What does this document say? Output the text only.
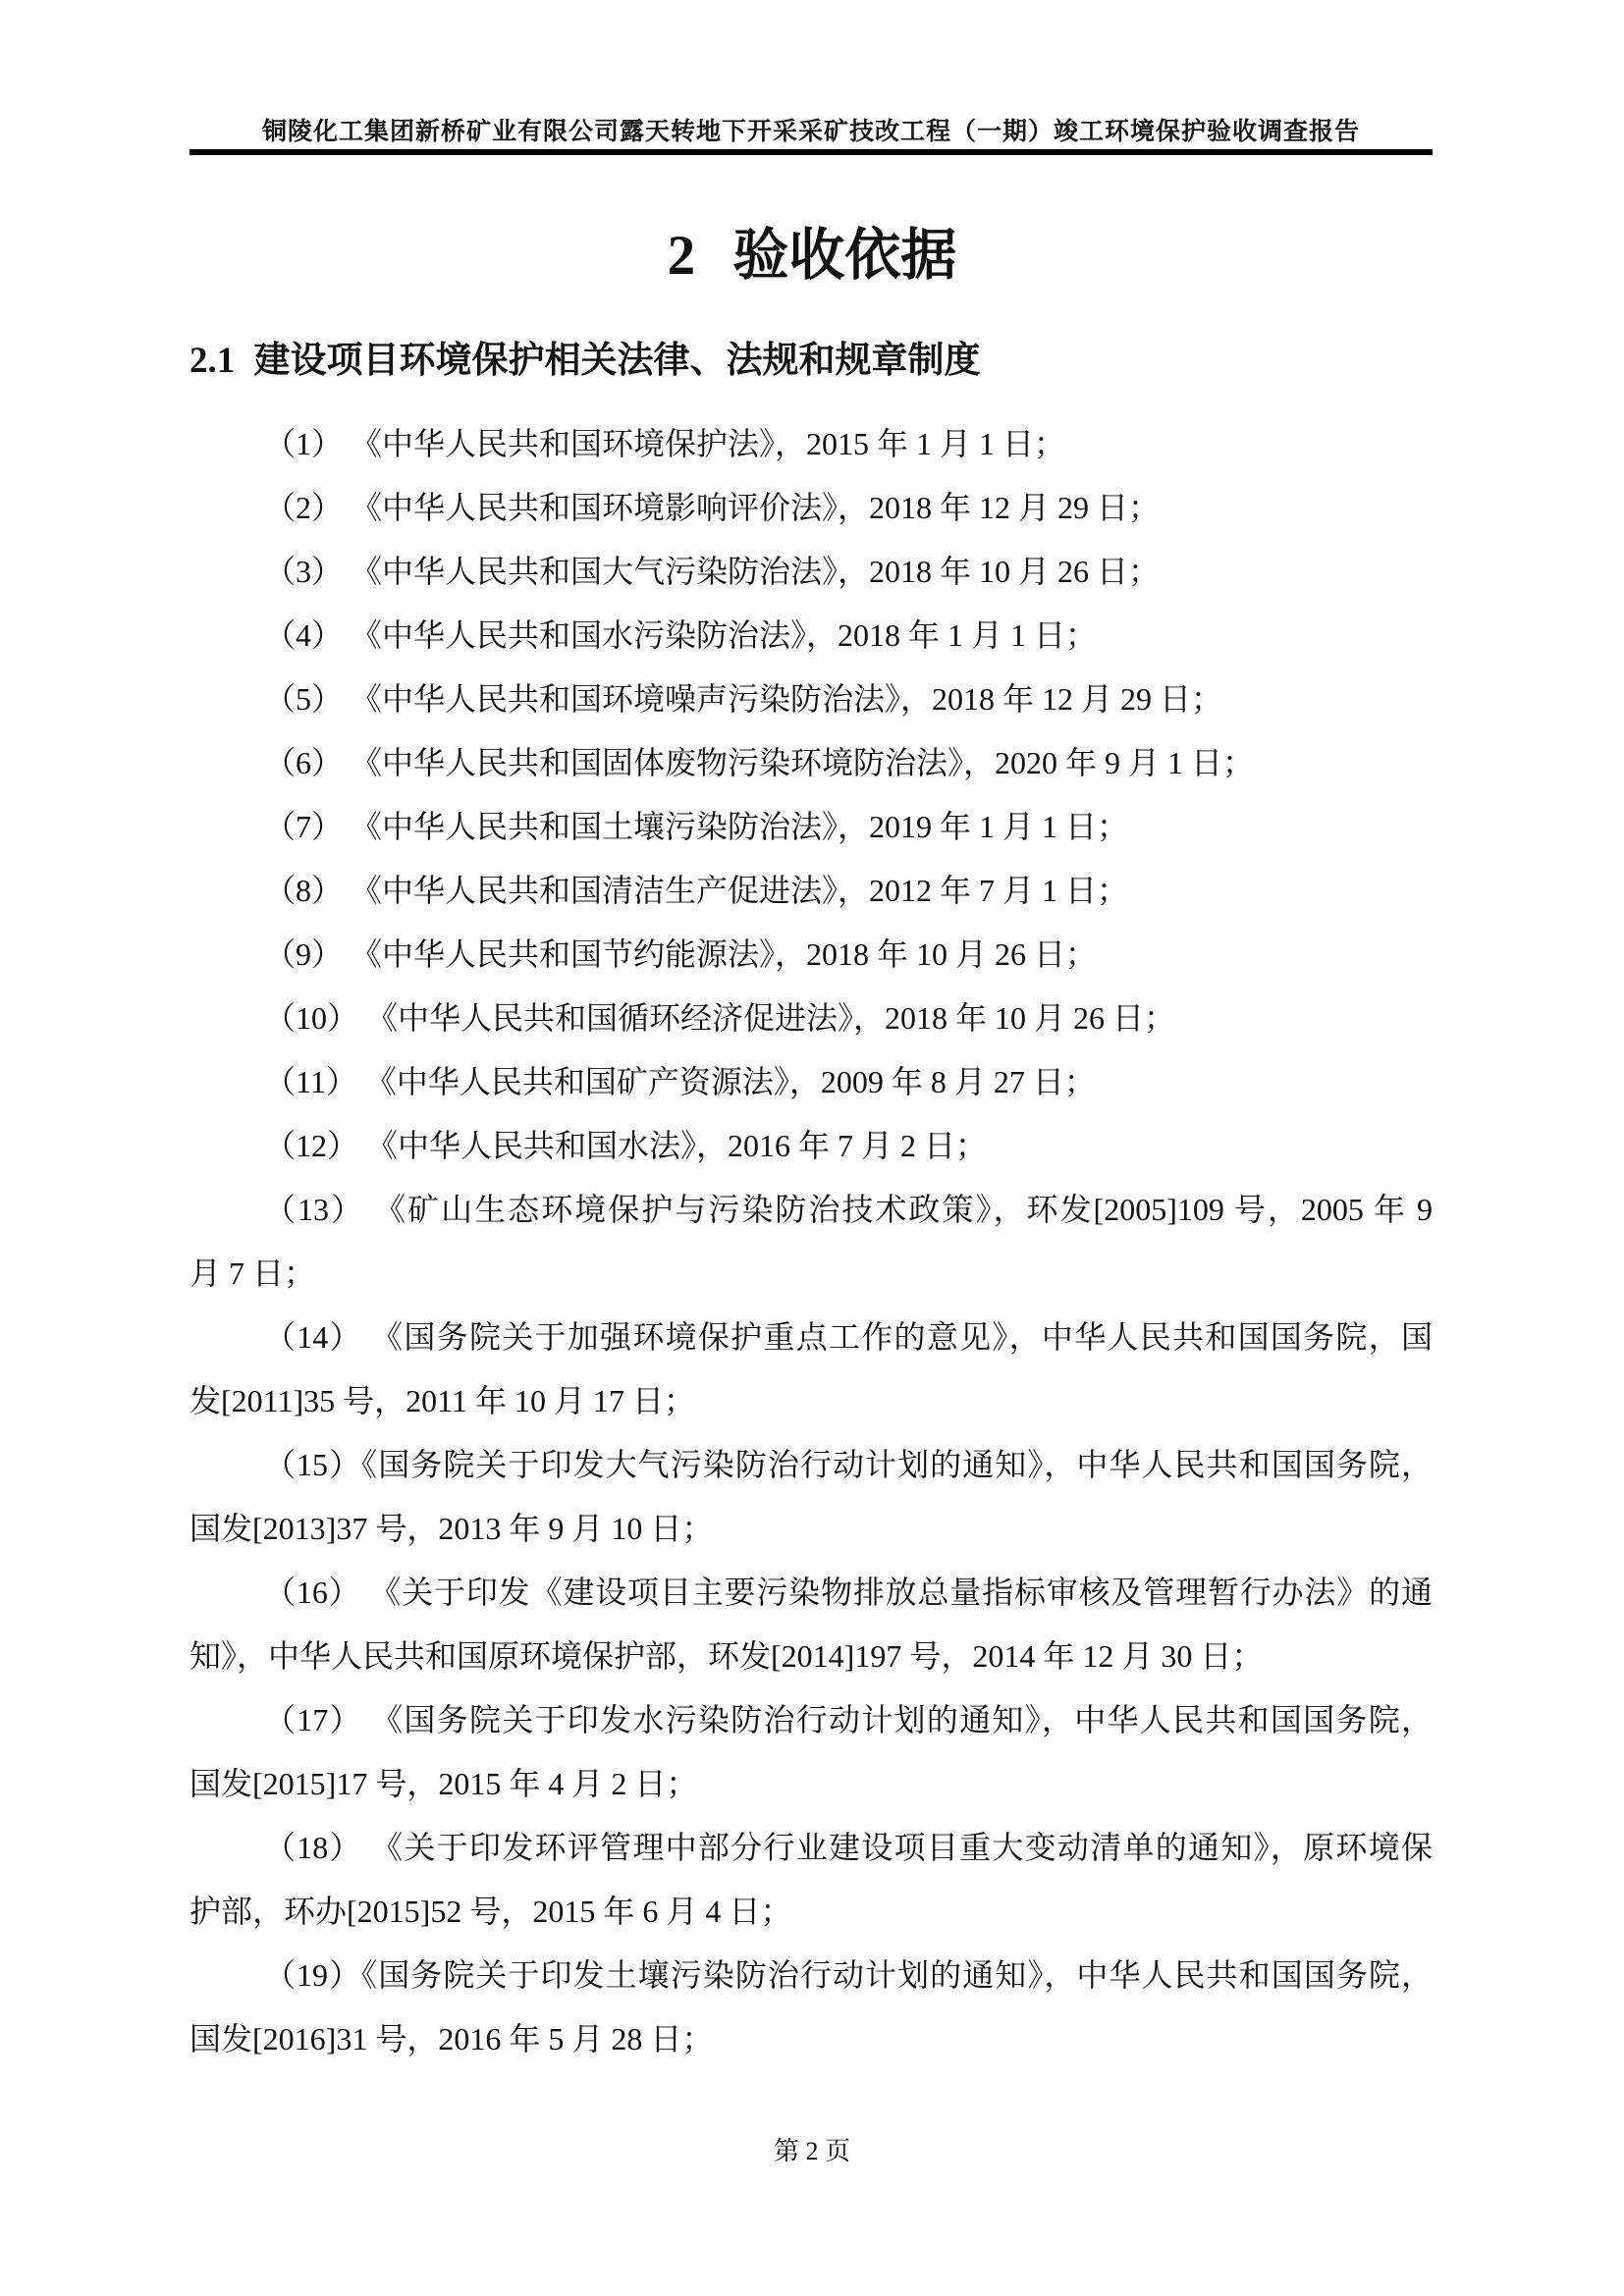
铜陵化工集团新桥矿业有限公司露天转地下开采采矿技改工程（一期）竣工环境保护验收调查报告
2 验收依据
2.1 建设项目环境保护相关法律、法规和规章制度

（1） 《中华人民共和国环境保护法》，2015 年 1 月 1 日；

（2） 《中华人民共和国环境影响评价法》，2018 年 12 月 29 日；

（3） 《中华人民共和国大气污染防治法》，2018 年 10 月 26 日；

（4） 《中华人民共和国水污染防治法》，2018 年 1 月 1 日；

（5） 《中华人民共和国环境噪声污染防治法》，2018 年 12 月 29 日；

（6） 《中华人民共和国固体废物污染环境防治法》，2020 年 9 月 1 日；

（7） 《中华人民共和国土壤污染防治法》，2019 年 1 月 1 日；

（8） 《中华人民共和国清洁生产促进法》，2012 年 7 月 1 日；

（9） 《中华人民共和国节约能源法》，2018 年 10 月 26 日；

（10） 《中华人民共和国循环经济促进法》，2018 年 10 月 26 日；

（11） 《中华人民共和国矿产资源法》，2009 年 8 月 27 日；

（12） 《中华人民共和国水法》，2016 年 7 月 2 日；

（13） 《矿山生态环境保护与污染防治技术政策》，环发[2005]109 号，2005 年 9

月 7 日；

（14） 《国务院关于加强环境保护重点工作的意见》，中华人民共和国国务院，国

发[2011]35 号，2011 年 10 月 17 日；

（15）《国务院关于印发大气污染防治行动计划的通知》，中华人民共和国国务院，

国发[2013]37 号，2013 年 9 月 10 日；

（16） 《关于印发《建设项目主要污染物排放总量指标审核及管理暂行办法》的通

知》，中华人民共和国原环境保护部，环发[2014]197 号，2014 年 12 月 30 日；

（17） 《国务院关于印发水污染防治行动计划的通知》，中华人民共和国国务院，

国发[2015]17 号，2015 年 4 月 2 日；

（18） 《关于印发环评管理中部分行业建设项目重大变动清单的通知》，原环境保

护部，环办[2015]52 号，2015 年 6 月 4 日；

（19）《国务院关于印发土壤污染防治行动计划的通知》，中华人民共和国国务院，

国发[2016]31 号，2016 年 5 月 28 日；

第 2 页
